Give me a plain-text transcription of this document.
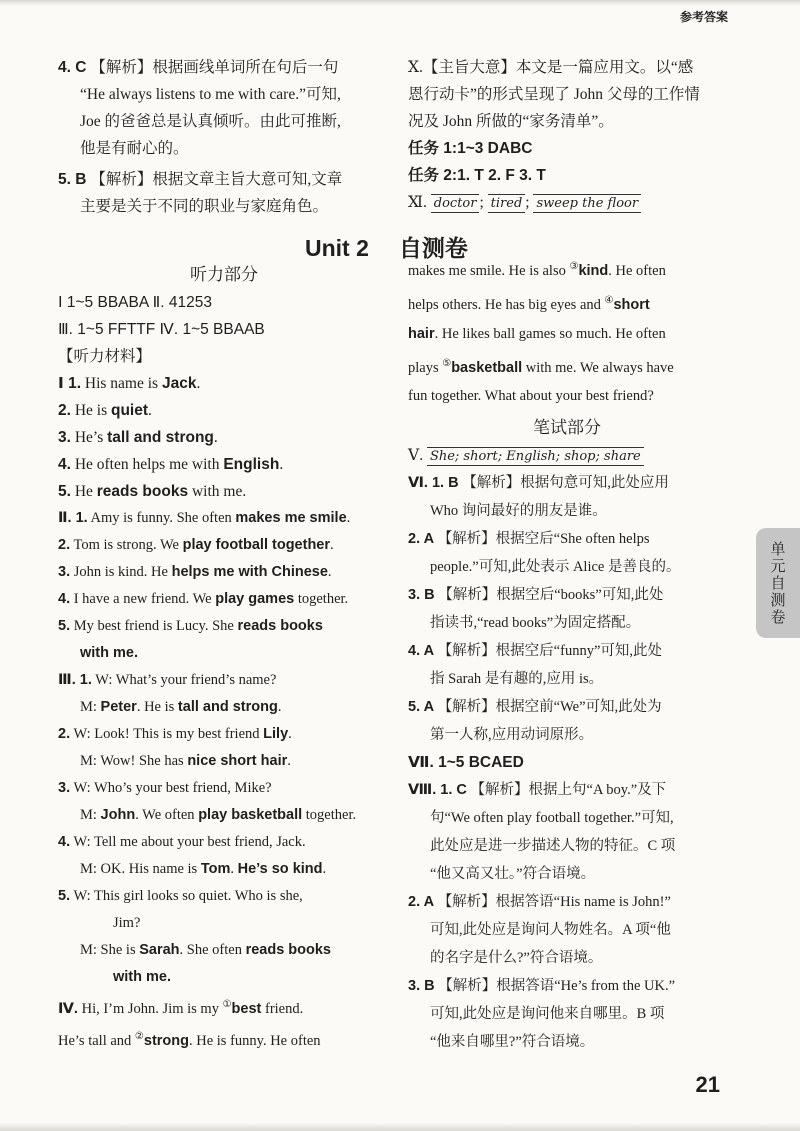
参考答案
4. C 【解析】根据画线单词所在句后一句
“He always listens to me with care.”可知,
Joe 的爸爸总是认真倾听。由此可推断,
他是有耐心的。
5. B 【解析】根据文章主旨大意可知,文章
主要是关于不同的职业与家庭角色。
听力部分
Ⅰ 1~5 BBABA Ⅱ. 41253
Ⅲ. 1~5 FFTTF Ⅳ. 1~5 BBAAB
【听力材料】
Ⅰ 1. His name is Jack.
2. He is quiet.
3. He’s tall and strong.
4. He often helps me with English.
5. He reads books with me.
Ⅱ. 1. Amy is funny. She often makes me smile.
2. Tom is strong. We play football together.
3. John is kind. He helps me with Chinese.
4. I have a new friend. We play games together.
5. My best friend is Lucy. She reads books
with me.
Ⅲ. 1. W: What’s your friend’s name?
M: Peter. He is tall and strong.
2. W: Look! This is my best friend Lily.
M: Wow! She has nice short hair.
3. W: Who’s your best friend, Mike?
M: John. We often play basketball together.
4. W: Tell me about your best friend, Jack.
M: OK. His name is Tom. He’s so kind.
5. W: This girl looks so quiet. Who is she,
Jim?
M: She is Sarah. She often reads books
with me.
Ⅳ. Hi, I’m John. Jim is my ①best friend.
He’s tall and ②strong. He is funny. He often
Unit 2 自测卷
Ⅹ.【主旨大意】本文是一篇应用文。以“感
恩行动卡”的形式呈现了 John 父母的工作情
况及 John 所做的“家务清单”。
任务 1:1~3 DABC
任务 2:1. T 2. F 3. T
Ⅺ. doctor ; tired ; sweep the floor
makes me smile. He is also ③kind. He often
helps others. He has big eyes and ④short
hair. He likes ball games so much. He often
plays ⑤basketball with me. We always have
fun together. What about your best friend?
笔试部分
Ⅴ. She; short; English; shop; share
Ⅵ. 1. B 【解析】根据句意可知,此处应用
Who 询问最好的朋友是谁。
2. A 【解析】根据空后“She often helps
people.”可知,此处表示 Alice 是善良的。
3. B 【解析】根据空后“books”可知,此处
指读书,“read books”为固定搭配。
4. A 【解析】根据空后“funny”可知,此处
指 Sarah 是有趣的,应用 is。
5. A 【解析】根据空前“We”可知,此处为
第一人称,应用动词原形。
Ⅶ. 1~5 BCAED
Ⅷ. 1. C 【解析】根据上句“A boy.”及下
句“We often play football together.”可知,
此处应是进一步描述人物的特征。C 项
“他又高又壮。”符合语境。
2. A 【解析】根据答语“His name is John!”
可知,此处应是询问人物姓名。A 项“他
的名字是什么?”符合语境。
3. B 【解析】根据答语“He’s from the UK.”
可知,此处应是询问他来自哪里。B 项
“他来自哪里?”符合语境。
单元自测卷
21
